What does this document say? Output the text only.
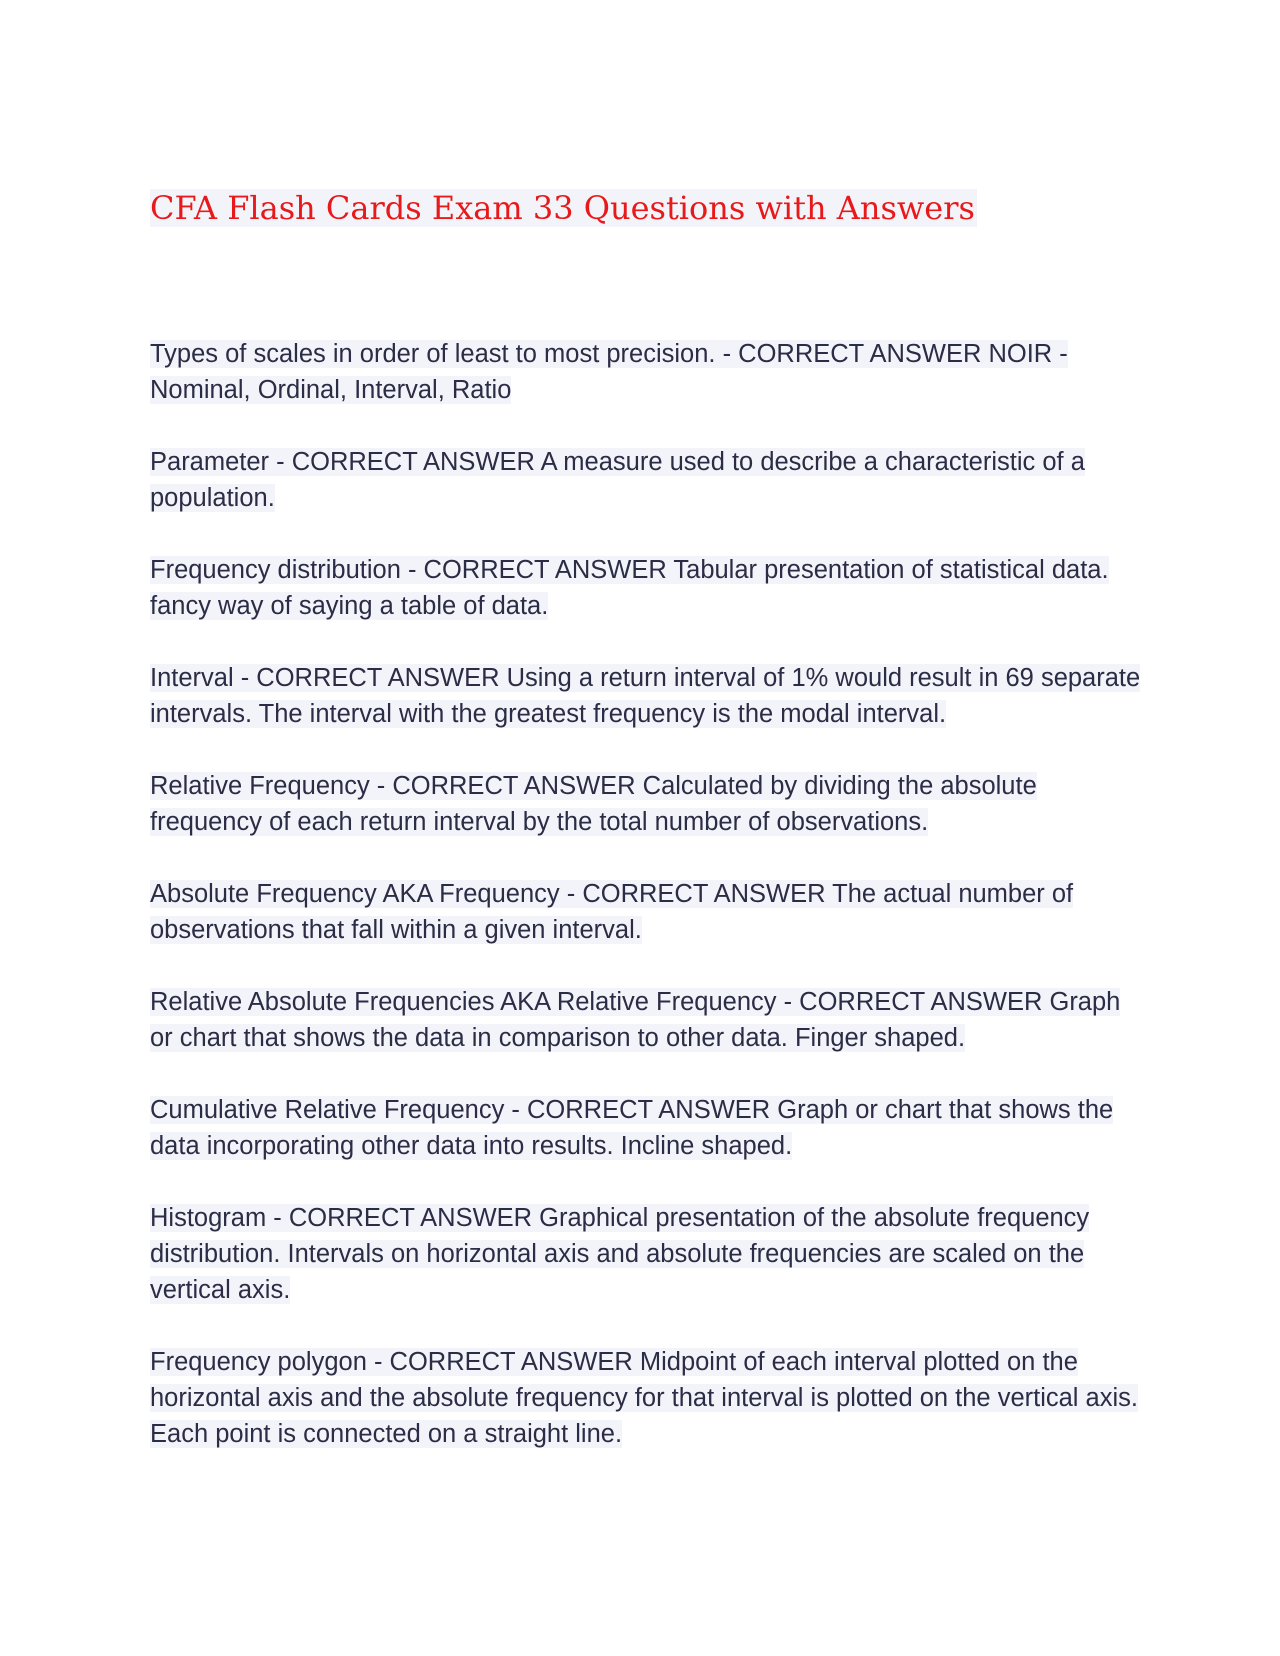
CFA Flash Cards Exam 33 Questions with Answers

Types of scales in order of least to most precision. - CORRECT ANSWER NOIR - Nominal, Ordinal, Interval, Ratio

Parameter - CORRECT ANSWER A measure used to describe a characteristic of a population.

Frequency distribution - CORRECT ANSWER Tabular presentation of statistical data. fancy way of saying a table of data.

Interval - CORRECT ANSWER Using a return interval of 1% would result in 69 separate intervals. The interval with the greatest frequency is the modal interval.

Relative Frequency - CORRECT ANSWER Calculated by dividing the absolute frequency of each return interval by the total number of observations.

Absolute Frequency AKA Frequency - CORRECT ANSWER The actual number of observations that fall within a given interval.

Relative Absolute Frequencies AKA Relative Frequency - CORRECT ANSWER Graph or chart that shows the data in comparison to other data. Finger shaped.

Cumulative Relative Frequency - CORRECT ANSWER Graph or chart that shows the data incorporating other data into results. Incline shaped.

Histogram - CORRECT ANSWER Graphical presentation of the absolute frequency distribution. Intervals on horizontal axis and absolute frequencies are scaled on the vertical axis.

Frequency polygon - CORRECT ANSWER Midpoint of each interval plotted on the horizontal axis and the absolute frequency for that interval is plotted on the vertical axis. Each point is connected on a straight line.
